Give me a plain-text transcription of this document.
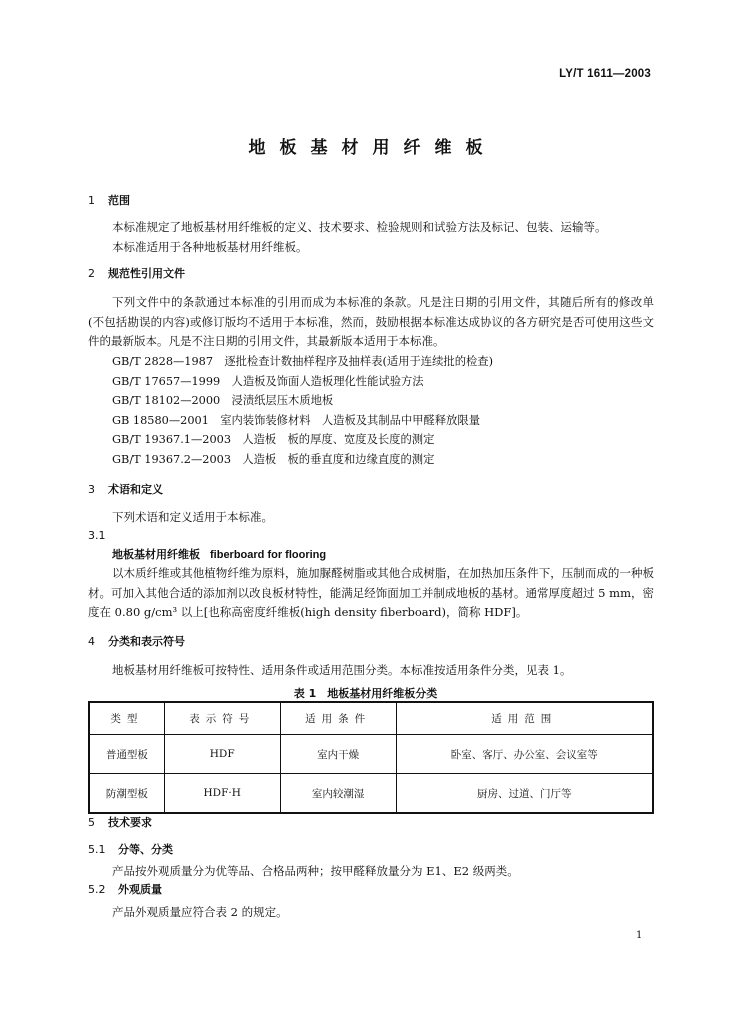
LY/T 1611—2003
地板基材用纤维板
1 范围
本标准规定了地板基材用纤维板的定义、技术要求、检验规则和试验方法及标记、包装、运输等。
本标准适用于各种地板基材用纤维板。
2 规范性引用文件
下列文件中的条款通过本标准的引用而成为本标准的条款。凡是注日期的引用文件，其随后所有的修改单(不包括勘误的内容)或修订版均不适用于本标准，然而，鼓励根据本标准达成协议的各方研究是否可使用这些文件的最新版本。凡是不注日期的引用文件，其最新版本适用于本标准。
GB/T 2828—1987　逐批检查计数抽样程序及抽样表(适用于连续批的检查)
GB/T 17657—1999　人造板及饰面人造板理化性能试验方法
GB/T 18102—2000　浸渍纸层压木质地板
GB 18580—2001　室内装饰装修材料　人造板及其制品中甲醛释放限量
GB/T 19367.1—2003　人造板　板的厚度、宽度及长度的测定
GB/T 19367.2—2003　人造板　板的垂直度和边缘直度的测定
3 术语和定义
下列术语和定义适用于本标准。
3.1
地板基材用纤维板 fiberboard for flooring
以木质纤维或其他植物纤维为原料，施加脲醛树脂或其他合成树脂，在加热加压条件下，压制而成的一种板材。可加入其他合适的添加剂以改良板材特性，能满足经饰面加工并制成地板的基材。通常厚度超过 5 mm，密度在 0.80 g/cm³ 以上[也称高密度纤维板(high density fiberboard)，简称 HDF]。
4 分类和表示符号
地板基材用纤维板可按特性、适用条件或适用范围分类。本标准按适用条件分类，见表 1。
表 1　地板基材用纤维板分类
类型	表示符号	适用条件	适用范围
普通型板	HDF	室内干燥	卧室、客厅、办公室、会议室等
防潮型板	HDF·H	室内较潮湿	厨房、过道、门厅等
5 技术要求
5.1 分等、分类
产品按外观质量分为优等品、合格品两种；按甲醛释放量分为 E1、E2 级两类。
5.2 外观质量
产品外观质量应符合表 2 的规定。
1
